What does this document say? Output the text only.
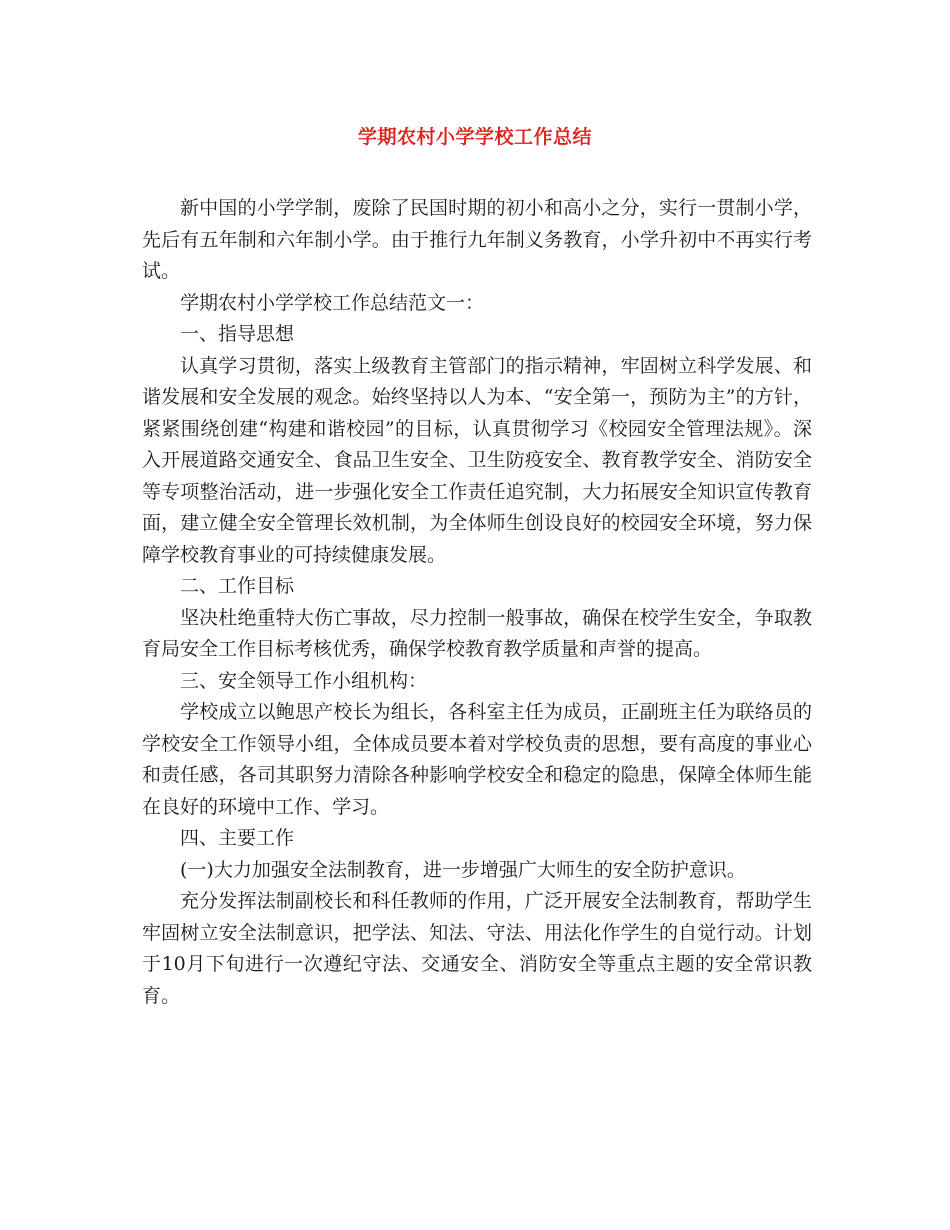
学期农村小学学校工作总结

新中国的小学学制，废除了民国时期的初小和高小之分，实行一贯制小学，先后有五年制和六年制小学。由于推行九年制义务教育，小学升初中不再实行考试。

学期农村小学学校工作总结范文一：

一、指导思想

认真学习贯彻，落实上级教育主管部门的指示精神，牢固树立科学发展、和谐发展和安全发展的观念。始终坚持以人为本、“安全第一，预防为主”的方针，紧紧围绕创建“构建和谐校园”的目标，认真贯彻学习《校园安全管理法规》。深入开展道路交通安全、食品卫生安全、卫生防疫安全、教育教学安全、消防安全等专项整治活动，进一步强化安全工作责任追究制，大力拓展安全知识宣传教育面，建立健全安全管理长效机制，为全体师生创设良好的校园安全环境，努力保障学校教育事业的可持续健康发展。

二、工作目标

坚决杜绝重特大伤亡事故，尽力控制一般事故，确保在校学生安全，争取教育局安全工作目标考核优秀，确保学校教育教学质量和声誉的提高。

三、安全领导工作小组机构：

学校成立以鲍思产校长为组长，各科室主任为成员，正副班主任为联络员的学校安全工作领导小组，全体成员要本着对学校负责的思想，要有高度的事业心和责任感，各司其职努力清除各种影响学校安全和稳定的隐患，保障全体师生能在良好的环境中工作、学习。

四、主要工作

(一)大力加强安全法制教育，进一步增强广大师生的安全防护意识。

充分发挥法制副校长和科任教师的作用，广泛开展安全法制教育，帮助学生牢固树立安全法制意识，把学法、知法、守法、用法化作学生的自觉行动。计划于10月下旬进行一次遵纪守法、交通安全、消防安全等重点主题的安全常识教育。
